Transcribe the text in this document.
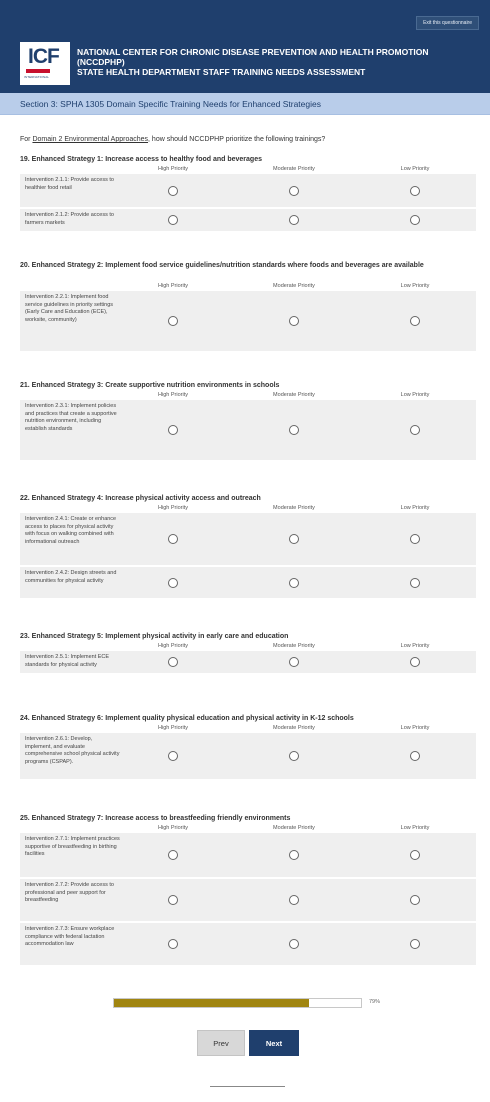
Exit this questionnaire
ICF
INTERNATIONAL
NATIONAL CENTER FOR CHRONIC DISEASE PREVENTION AND HEALTH PROMOTION
(NCCDPHP)
STATE HEALTH DEPARTMENT STAFF TRAINING NEEDS ASSESSMENT
Section 3: SPHA 1305 Domain Specific Training Needs for Enhanced Strategies
For Domain 2 Environmental Approaches, how should NCCDPHP prioritize the following trainings?
19. Enhanced Strategy 1: Increase access to healthy food and beverages
High Priority	Moderate Priority	Low Priority
Intervention 2.1.1: Provide access to healthier food retail
Intervention 2.1.2: Provide access to farmers markets
20. Enhanced Strategy 2: Implement food service guidelines/nutrition standards where foods and beverages are available
High Priority	Moderate Priority	Low Priority
Intervention 2.2.1: Implement food service guidelines in priority settings (Early Care and Education (ECE), worksite, community)
21. Enhanced Strategy 3: Create supportive nutrition environments in schools
High Priority	Moderate Priority	Low Priority
Intervention 2.3.1: Implement policies and practices that create a supportive nutrition environment, including establish standards
22. Enhanced Strategy 4: Increase physical activity access and outreach
High Priority	Moderate Priority	Low Priority
Intervention 2.4.1: Create or enhance access to places for physical activity with focus on walking combined with informational outreach
Intervention 2.4.2: Design streets and communities for physical activity
23. Enhanced Strategy 5: Implement physical activity in early care and education
High Priority	Moderate Priority	Low Priority
Intervention 2.5.1: Implement ECE standards for physical activity
24. Enhanced Strategy 6: Implement quality physical education and physical activity in K-12 schools
High Priority	Moderate Priority	Low Priority
Intervention 2.6.1: Develop, implement, and evaluate comprehensive school physical activity programs (CSPAP).
25. Enhanced Strategy 7: Increase access to breastfeeding friendly environments
High Priority	Moderate Priority	Low Priority
Intervention 2.7.1: Implement practices supportive of breastfeeding in birthing facilities
Intervention 2.7.2: Provide access to professional and peer support for breastfeeding
Intervention 2.7.3: Ensure workplace compliance with federal lactation accommodation law
79%
Prev	Next
